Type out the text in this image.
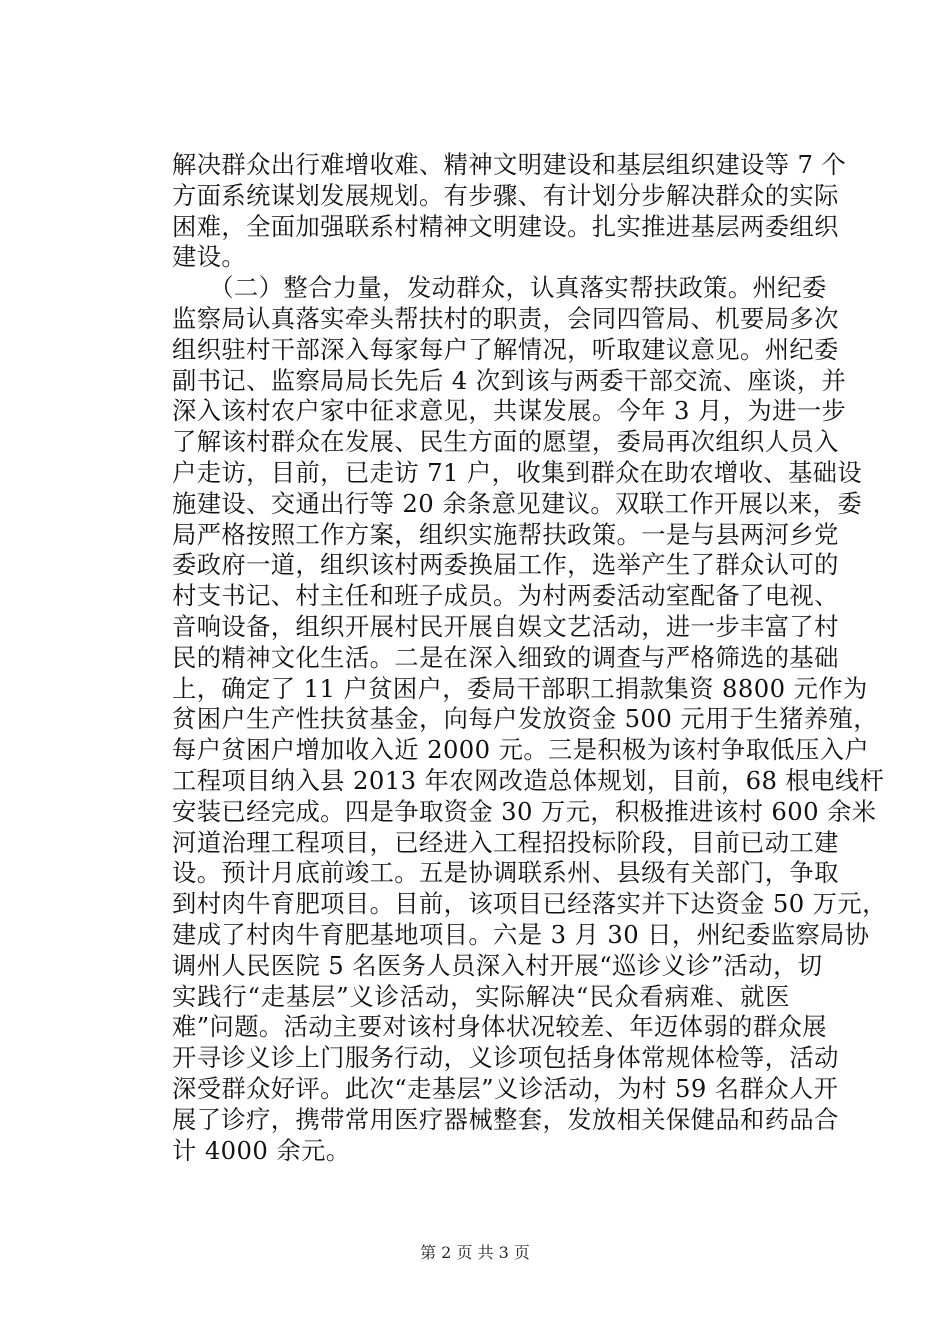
解决群众出行难增收难、精神文明建设和基层组织建设等 7 个
方面系统谋划发展规划。有步骤、有计划分步解决群众的实际
困难，全面加强联系村精神文明建设。扎实推进基层两委组织
建设。
　　（二）整合力量，发动群众，认真落实帮扶政策。州纪委
监察局认真落实牵头帮扶村的职责，会同四管局、机要局多次
组织驻村干部深入每家每户了解情况，听取建议意见。州纪委
副书记、监察局局长先后 4 次到该与两委干部交流、座谈，并
深入该村农户家中征求意见，共谋发展。今年 3 月，为进一步
了解该村群众在发展、民生方面的愿望，委局再次组织人员入
户走访，目前，已走访 71 户，收集到群众在助农增收、基础设
施建设、交通出行等 20 余条意见建议。双联工作开展以来，委
局严格按照工作方案，组织实施帮扶政策。一是与县两河乡党
委政府一道，组织该村两委换届工作，选举产生了群众认可的
村支书记、村主任和班子成员。为村两委活动室配备了电视、
音响设备，组织开展村民开展自娱文艺活动，进一步丰富了村
民的精神文化生活。二是在深入细致的调查与严格筛选的基础
上，确定了 11 户贫困户，委局干部职工捐款集资 8800 元作为
贫困户生产性扶贫基金，向每户发放资金 500 元用于生猪养殖，
每户贫困户增加收入近 2000 元。三是积极为该村争取低压入户
工程项目纳入县 2013 年农网改造总体规划，目前，68 根电线杆
安装已经完成。四是争取资金 30 万元，积极推进该村 600 余米
河道治理工程项目，已经进入工程招投标阶段，目前已动工建
设。预计月底前竣工。五是协调联系州、县级有关部门，争取
到村肉牛育肥项目。目前，该项目已经落实并下达资金 50 万元，
建成了村肉牛育肥基地项目。六是 3 月 30 日，州纪委监察局协
调州人民医院 5 名医务人员深入村开展“巡诊义诊”活动，切
实践行“走基层”义诊活动，实际解决“民众看病难、就医
难”问题。活动主要对该村身体状况较差、年迈体弱的群众展
开寻诊义诊上门服务行动，义诊项包括身体常规体检等，活动
深受群众好评。此次“走基层”义诊活动，为村 59 名群众人开
展了诊疗，携带常用医疗器械整套，发放相关保健品和药品合
计 4000 余元。
第 2 页 共 3 页
